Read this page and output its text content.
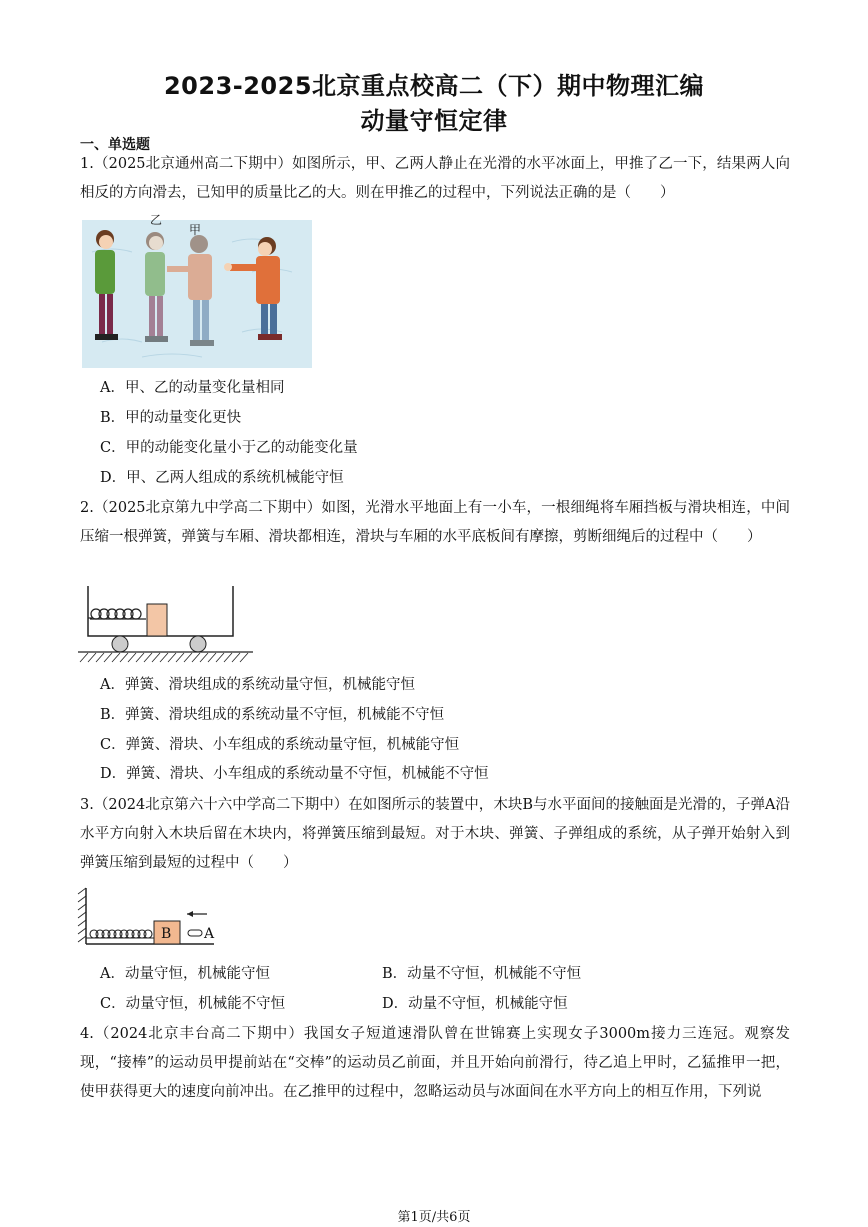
2023-2025北京重点校高二（下）期中物理汇编
动量守恒定律
一、单选题
1.（2025北京通州高二下期中）如图所示，甲、乙两人静止在光滑的水平冰面上，甲推了乙一下，结果两人向相反的方向滑去，已知甲的质量比乙的大。则在甲推乙的过程中，下列说法正确的是（　　）
乙
甲
A．甲、乙的动量变化量相同
B．甲的动量变化更快
C．甲的动能变化量小于乙的动能变化量
D．甲、乙两人组成的系统机械能守恒
2.（2025北京第九中学高二下期中）如图，光滑水平地面上有一小车，一根细绳将车厢挡板与滑块相连，中间压缩一根弹簧，弹簧与车厢、滑块都相连，滑块与车厢的水平底板间有摩擦，剪断细绳后的过程中（　　）
A．弹簧、滑块组成的系统动量守恒，机械能守恒
B．弹簧、滑块组成的系统动量不守恒，机械能不守恒
C．弹簧、滑块、小车组成的系统动量守恒，机械能守恒
D．弹簧、滑块、小车组成的系统动量不守恒，机械能不守恒
3.（2024北京第六十六中学高二下期中）在如图所示的装置中，木块B与水平面间的接触面是光滑的，子弹A沿水平方向射入木块后留在木块内，将弹簧压缩到最短。对于木块、弹簧、子弹组成的系统，从子弹开始射入到弹簧压缩到最短的过程中（　　）
B A
A．动量守恒，机械能守恒	B．动量不守恒，机械能不守恒
C．动量守恒，机械能不守恒	D．动量不守恒，机械能守恒
4.（2024北京丰台高二下期中）我国女子短道速滑队曾在世锦赛上实现女子3000m接力三连冠。观察发现，“接棒”的运动员甲提前站在“交棒”的运动员乙前面，并且开始向前滑行，待乙追上甲时，乙猛推甲一把，使甲获得更大的速度向前冲出。在乙推甲的过程中，忽略运动员与冰面间在水平方向上的相互作用，下列说
第1页/共6页
